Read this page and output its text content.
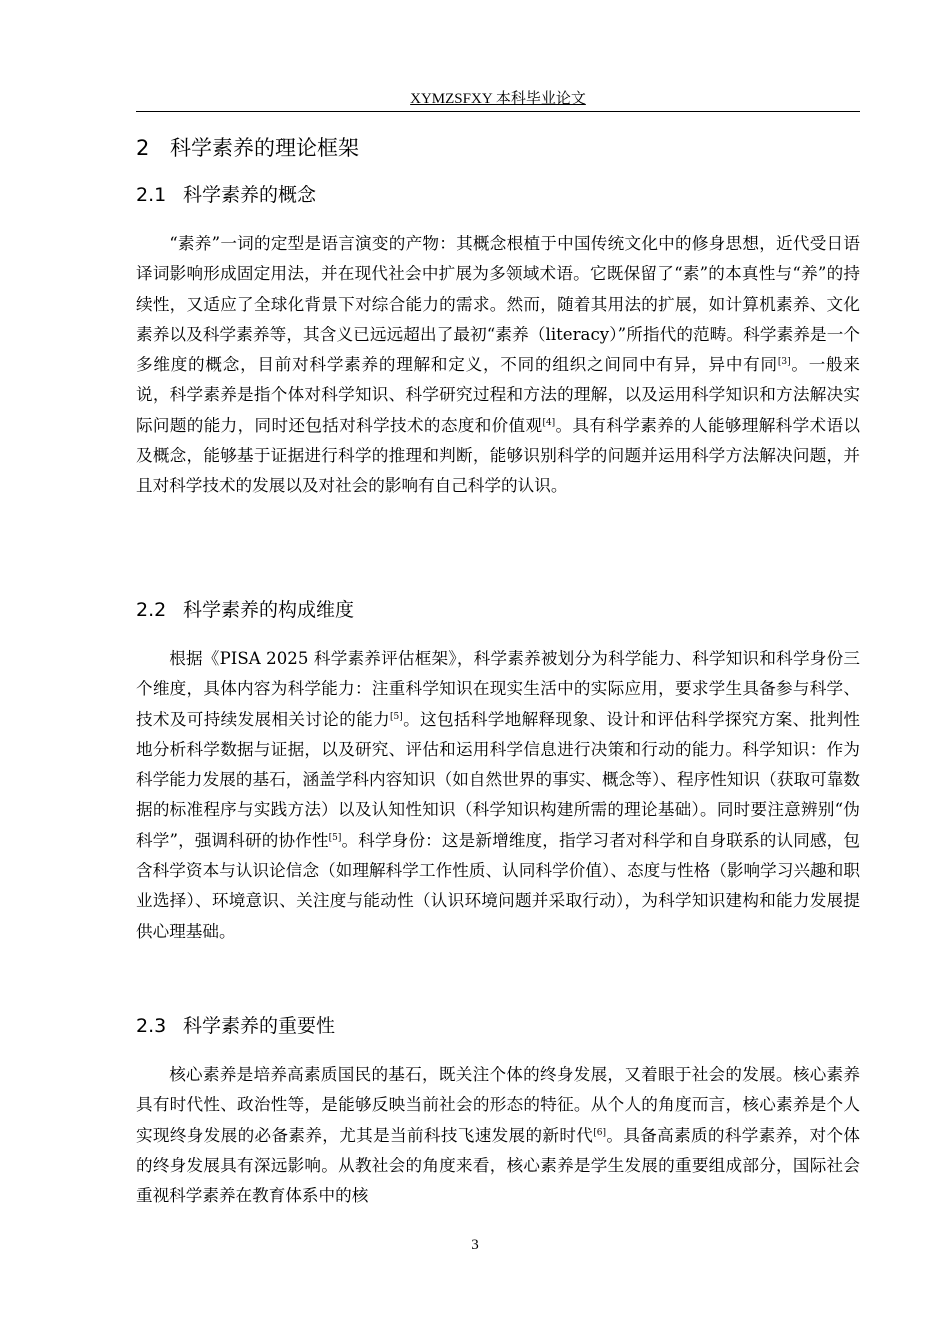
XYMZSFXY 本科毕业论文
2 科学素养的理论框架
2.1 科学素养的概念

“素养”一词的定型是语言演变的产物：其概念根植于中国传统文化中的修身思想，近代受日语译词影响形成固定用法，并在现代社会中扩展为多领域术语。它既保留了“素”的本真性与“养”的持续性，又适应了全球化背景下对综合能力的需求。然而，随着其用法的扩展，如计算机素养、文化素养以及科学素养等，其含义已远远超出了最初“素养（literacy）”所指代的范畴。科学素养是一个多维度的概念，目前对科学素养的理解和定义，不同的组织之间同中有异，异中有同[3]。一般来说，科学素养是指个体对科学知识、科学研究过程和方法的理解，以及运用科学知识和方法解决实际问题的能力，同时还包括对科学技术的态度和价值观[4]。具有科学素养的人能够理解科学术语以及概念，能够基于证据进行科学的推理和判断，能够识别科学的问题并运用科学方法解决问题，并且对科学技术的发展以及对社会的影响有自己科学的认识。

2.2 科学素养的构成维度

根据《PISA 2025 科学素养评估框架》，科学素养被划分为科学能力、科学知识和科学身份三个维度，具体内容为科学能力：注重科学知识在现实生活中的实际应用，要求学生具备参与科学、技术及可持续发展相关讨论的能力[5]。这包括科学地解释现象、设计和评估科学探究方案、批判性地分析科学数据与证据，以及研究、评估和运用科学信息进行决策和行动的能力。科学知识：作为科学能力发展的基石，涵盖学科内容知识（如自然世界的事实、概念等）、程序性知识（获取可靠数据的标准程序与实践方法）以及认知性知识（科学知识构建所需的理论基础）。同时要注意辨别“伪科学”，强调科研的协作性[5]。科学身份：这是新增维度，指学习者对科学和自身联系的认同感，包含科学资本与认识论信念（如理解科学工作性质、认同科学价值）、态度与性格（影响学习兴趣和职业选择）、环境意识、关注度与能动性（认识环境问题并采取行动），为科学知识建构和能力发展提供心理基础。

2.3 科学素养的重要性

核心素养是培养高素质国民的基石，既关注个体的终身发展，又着眼于社会的发展。核心素养具有时代性、政治性等，是能够反映当前社会的形态的特征。从个人的角度而言，核心素养是个人实现终身发展的必备素养，尤其是当前科技飞速发展的新时代[6]。具备高素质的科学素养，对个体的终身发展具有深远影响。从教社会的角度来看，核心素养是学生发展的重要组成部分，国际社会重视科学素养在教育体系中的核

3
